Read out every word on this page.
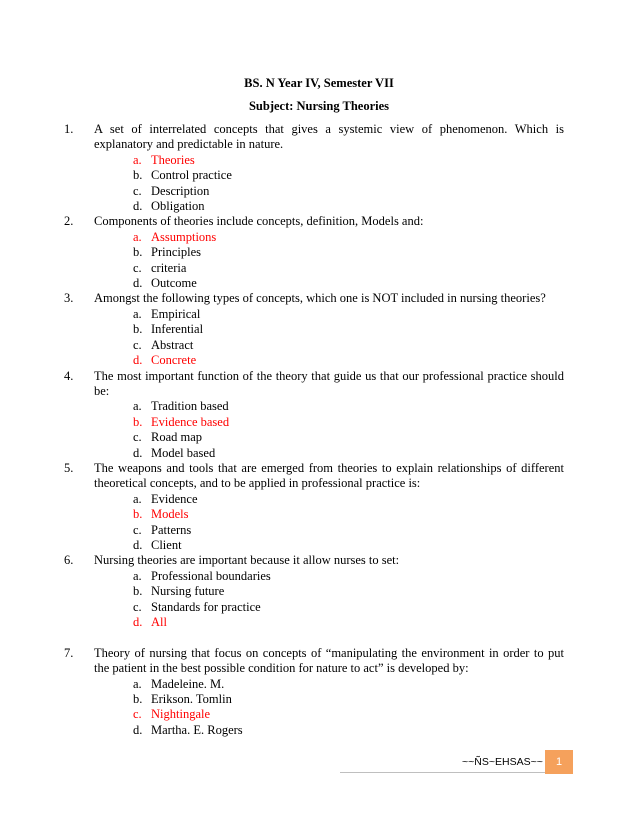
BS. N Year IV, Semester VII
Subject: Nursing Theories
1.	A set of interrelated concepts that gives a systemic view of phenomenon. Which is explanatory and predictable in nature.
a. Theories
b. Control practice
c. Description
d. Obligation
2.	Components of theories include concepts, definition, Models and:
a. Assumptions
b. Principles
c. criteria
d. Outcome
3.	Amongst the following types of concepts, which one is NOT included in nursing theories?
a. Empirical
b. Inferential
c. Abstract
d. Concrete
4.	The most important function of the theory that guide us that our professional practice should be:
a. Tradition based
b. Evidence based
c. Road map
d. Model based
5.	The weapons and tools that are emerged from theories to explain relationships of different theoretical concepts, and to be applied in professional practice is:
a. Evidence
b. Models
c. Patterns
d. Client
6.	Nursing theories are important because it allow nurses to set:
a. Professional boundaries
b. Nursing future
c. Standards for practice
d. All
7.	Theory of nursing that focus on concepts of “manipulating the environment in order to put the patient in the best possible condition for nature to act” is developed by:
a. Madeleine. M.
b. Erikson. Tomlin
c. Nightingale
d. Martha. E. Rogers
~~ÑS~EHSAS~~	1
